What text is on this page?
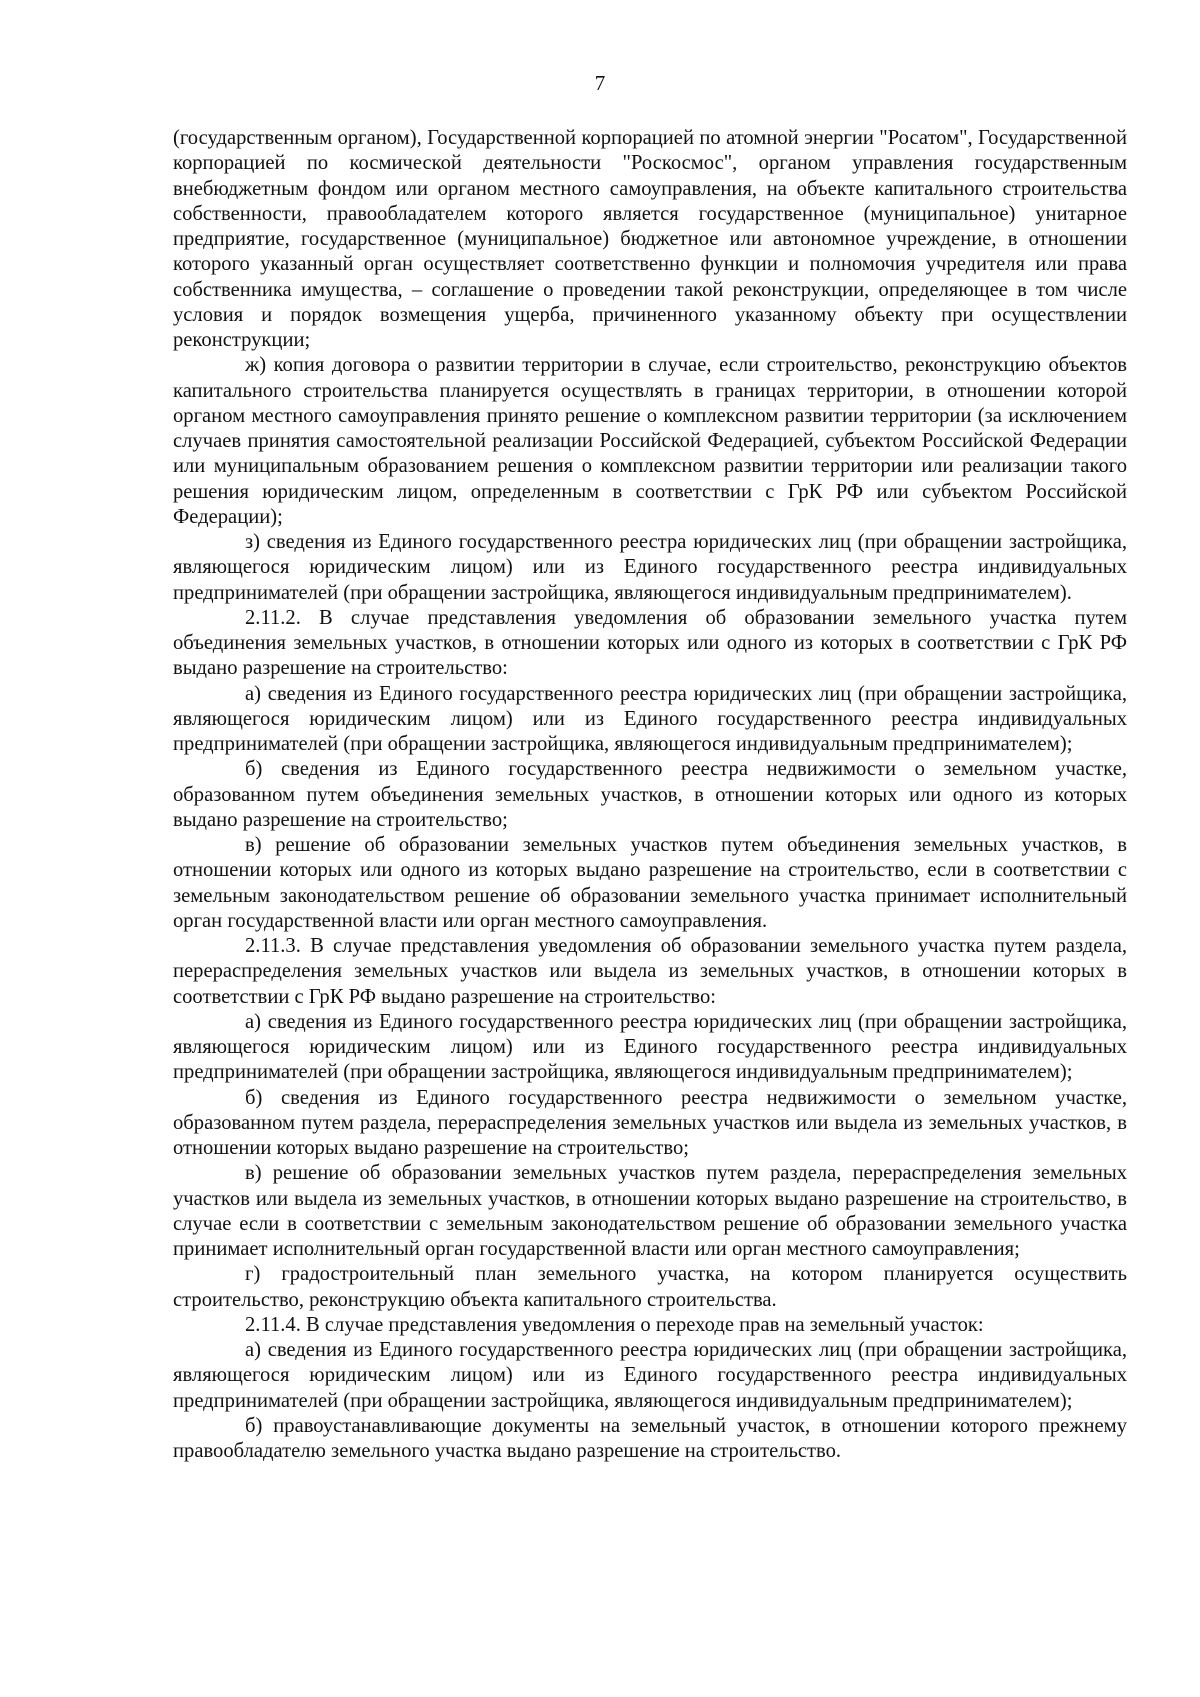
7

(государственным органом), Государственной корпорацией по атомной энергии "Росатом", Государственной корпорацией по космической деятельности "Роскосмос", органом управления государственным внебюджетным фондом или органом местного самоуправления, на объекте капитального строительства собственности, правообладателем которого является государственное (муниципальное) унитарное предприятие, государственное (муниципальное) бюджетное или автономное учреждение, в отношении которого указанный орган осуществляет соответственно функции и полномочия учредителя или права собственника имущества, – соглашение о проведении такой реконструкции, определяющее в том числе условия и порядок возмещения ущерба, причиненного указанному объекту при осуществлении реконструкции;

ж) копия договора о развитии территории в случае, если строительство, реконструкцию объектов капитального строительства планируется осуществлять в границах территории, в отношении которой органом местного самоуправления принято решение о комплексном развитии территории (за исключением случаев принятия самостоятельной реализации Российской Федерацией, субъектом Российской Федерации или муниципальным образованием решения о комплексном развитии территории или реализации такого решения юридическим лицом, определенным в соответствии с ГрК РФ или субъектом Российской Федерации);

з) сведения из Единого государственного реестра юридических лиц (при обращении застройщика, являющегося юридическим лицом) или из Единого государственного реестра индивидуальных предпринимателей (при обращении застройщика, являющегося индивидуальным предпринимателем).

2.11.2. В случае представления уведомления об образовании земельного участка путем объединения земельных участков, в отношении которых или одного из которых в соответствии с ГрК РФ выдано разрешение на строительство:

а) сведения из Единого государственного реестра юридических лиц (при обращении застройщика, являющегося юридическим лицом) или из Единого государственного реестра индивидуальных предпринимателей (при обращении застройщика, являющегося индивидуальным предпринимателем);

б) сведения из Единого государственного реестра недвижимости о земельном участке, образованном путем объединения земельных участков, в отношении которых или одного из которых выдано разрешение на строительство;

в) решение об образовании земельных участков путем объединения земельных участков, в отношении которых или одного из которых выдано разрешение на строительство, если в соответствии с земельным законодательством решение об образовании земельного участка принимает исполнительный орган государственной власти или орган местного самоуправления.

2.11.3. В случае представления уведомления об образовании земельного участка путем раздела, перераспределения земельных участков или выдела из земельных участков, в отношении которых в соответствии с ГрК РФ выдано разрешение на строительство:

а) сведения из Единого государственного реестра юридических лиц (при обращении застройщика, являющегося юридическим лицом) или из Единого государственного реестра индивидуальных предпринимателей (при обращении застройщика, являющегося индивидуальным предпринимателем);

б) сведения из Единого государственного реестра недвижимости о земельном участке, образованном путем раздела, перераспределения земельных участков или выдела из земельных участков, в отношении которых выдано разрешение на строительство;

в) решение об образовании земельных участков путем раздела, перераспределения земельных участков или выдела из земельных участков, в отношении которых выдано разрешение на строительство, в случае если в соответствии с земельным законодательством решение об образовании земельного участка принимает исполнительный орган государственной власти или орган местного самоуправления;

г) градостроительный план земельного участка, на котором планируется осуществить строительство, реконструкцию объекта капитального строительства.

2.11.4. В случае представления уведомления о переходе прав на земельный участок:

а) сведения из Единого государственного реестра юридических лиц (при обращении застройщика, являющегося юридическим лицом) или из Единого государственного реестра индивидуальных предпринимателей (при обращении застройщика, являющегося индивидуальным предпринимателем);

б) правоустанавливающие документы на земельный участок, в отношении которого прежнему правообладателю земельного участка выдано разрешение на строительство.
